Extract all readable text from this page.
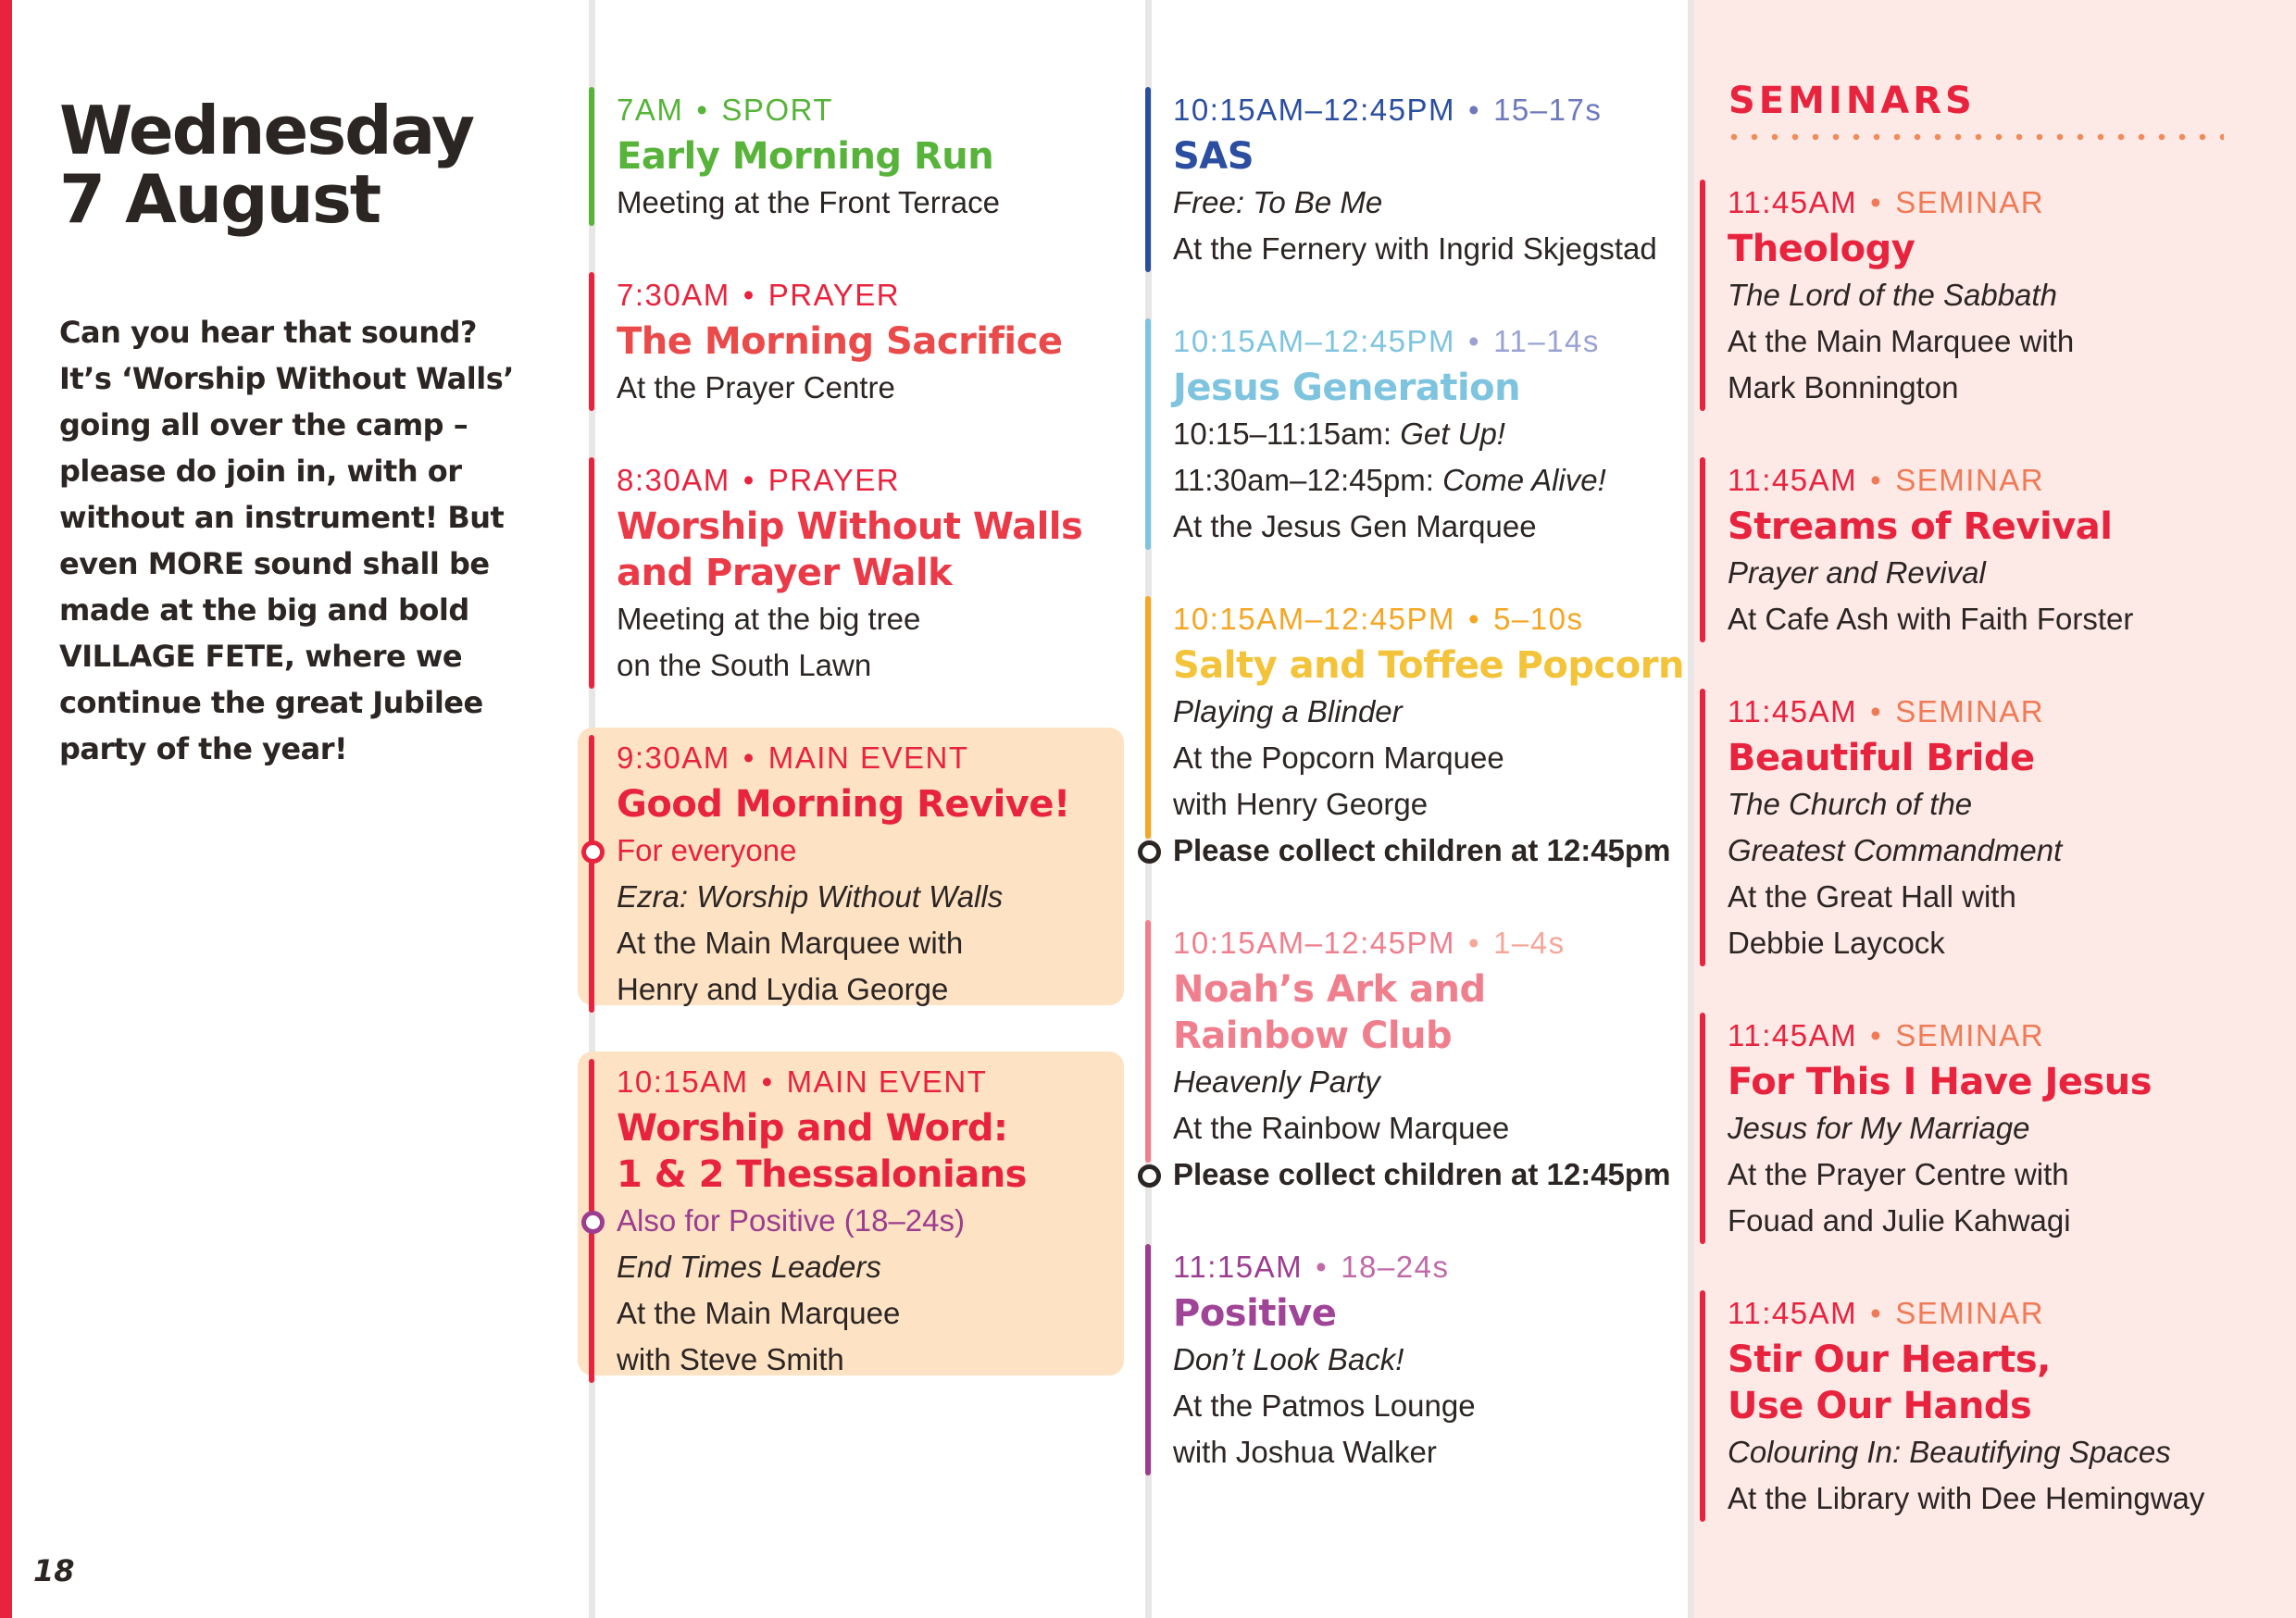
Wednesday
7 August

Can you hear that sound? It’s ‘Worship Without Walls’ going all over the camp – please do join in, with or without an instrument! But even MORE sound shall be made at the big and bold VILLAGE FETE, where we continue the great Jubilee party of the year!

18
7AM • SPORT
Early Morning Run
Meeting at the Front Terrace
7:30AM • PRAYER
The Morning Sacrifice
At the Prayer Centre
8:30AM • PRAYER
Worship Without Walls
and Prayer Walk
Meeting at the big tree
on the South Lawn
9:30AM • MAIN EVENT
Good Morning Revive!
For everyone
Ezra: Worship Without Walls
At the Main Marquee with
Henry and Lydia George
10:15AM • MAIN EVENT
Worship and Word:
1 & 2 Thessalonians
Also for Positive (18–24s)
End Times Leaders
At the Main Marquee
with Steve Smith
10:15AM–12:45PM • 15–17s
SAS
Free: To Be Me
At the Fernery with Ingrid Skjegstad
10:15AM–12:45PM • 11–14s
Jesus Generation
10:15–11:15am: Get Up!
11:30am–12:45pm: Come Alive!
At the Jesus Gen Marquee
10:15AM–12:45PM • 5–10s
Salty and Toffee Popcorn
Playing a Blinder
At the Popcorn Marquee
with Henry George
Please collect children at 12:45pm
10:15AM–12:45PM • 1–4s
Noah’s Ark and
Rainbow Club
Heavenly Party
At the Rainbow Marquee
Please collect children at 12:45pm
11:15AM • 18–24s
Positive
Don’t Look Back!
At the Patmos Lounge
with Joshua Walker
SEMINARS
11:45AM • SEMINAR
Theology
The Lord of the Sabbath
At the Main Marquee with
Mark Bonnington
11:45AM • SEMINAR
Streams of Revival
Prayer and Revival
At Cafe Ash with Faith Forster
11:45AM • SEMINAR
Beautiful Bride
The Church of the
Greatest Commandment
At the Great Hall with
Debbie Laycock
11:45AM • SEMINAR
For This I Have Jesus
Jesus for My Marriage
At the Prayer Centre with
Fouad and Julie Kahwagi
11:45AM • SEMINAR
Stir Our Hearts,
Use Our Hands
Colouring In: Beautifying Spaces
At the Library with Dee Hemingway
